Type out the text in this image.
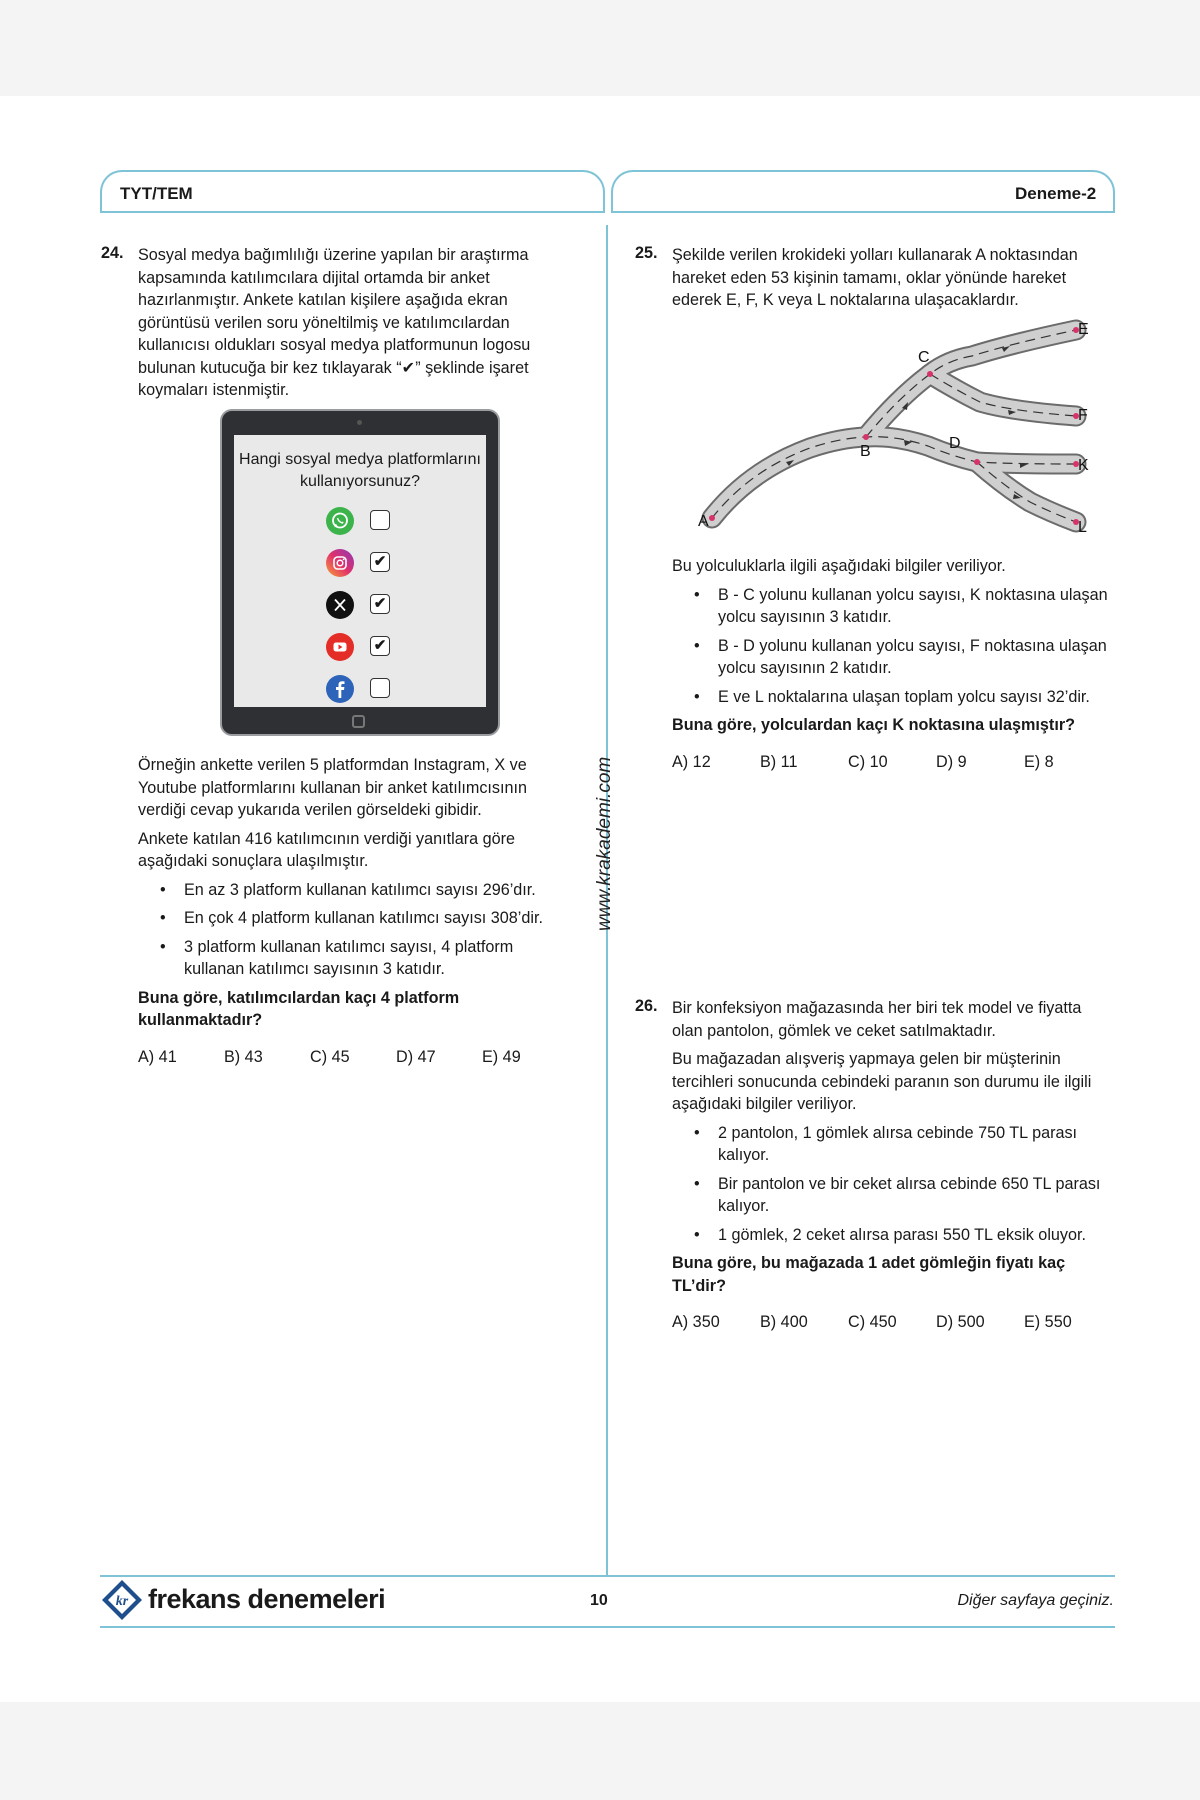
TYT/TEM	Deneme-2
www.krakademi.com
24. Sosyal medya bağımlılığı üzerine yapılan bir araştırma kapsamında katılımcılara dijital ortamda bir anket hazırlanmıştır. Ankete katılan kişilere aşağıda ekran görüntüsü verilen soru yöneltilmiş ve katılımcılardan kullanıcısı oldukları sosyal medya platformunun logosu bulunan kutucuğa bir kez tıklayarak “✔” şeklinde işaret koymaları istenmiştir.

Hangi sosyal medya platformlarını kullanıyorsunuz?
✔
✔
✔

Örneğin ankette verilen 5 platformdan Instagram, X ve Youtube platformlarını kullanan bir anket katılımcısının verdiği cevap yukarıda verilen görseldeki gibidir.

Ankete katılan 416 katılımcının verdiği yanıtlara göre aşağıdaki sonuçlara ulaşılmıştır.

• En az 3 platform kullanan katılımcı sayısı 296’dır.
• En çok 4 platform kullanan katılımcı sayısı 308’dir.
• 3 platform kullanan katılımcı sayısı, 4 platform kullanan katılımcı sayısının 3 katıdır.

Buna göre, katılımcılardan kaçı 4 platform kullanmaktadır?

A) 41	B) 43	C) 45	D) 47	E) 49
25. Şekilde verilen krokideki yolları kullanarak A noktasından hareket eden 53 kişinin tamamı, oklar yönünde hareket ederek E, F, K veya L noktalarına ulaşacaklardır.

A
B	D
C
E
F
K
L

Bu yolculuklarla ilgili aşağıdaki bilgiler veriliyor.

• B - C yolunu kullanan yolcu sayısı, K noktasına ulaşan yolcu sayısının 3 katıdır.
• B - D yolunu kullanan yolcu sayısı, F noktasına ulaşan yolcu sayısının 2 katıdır.
• E ve L noktalarına ulaşan toplam yolcu sayısı 32’dir.

Buna göre, yolculardan kaçı K noktasına ulaşmıştır?

A) 12	B) 11	C) 10	D) 9	E) 8
26. Bir konfeksiyon mağazasında her biri tek model ve fiyatta olan pantolon, gömlek ve ceket satılmaktadır.

Bu mağazadan alışveriş yapmaya gelen bir müşterinin tercihleri sonucunda cebindeki paranın son durumu ile ilgili aşağıdaki bilgiler veriliyor.

• 2 pantolon, 1 gömlek alırsa cebinde 750 TL parası kalıyor.
• Bir pantolon ve bir ceket alırsa cebinde 650 TL parası kalıyor.
• 1 gömlek, 2 ceket alırsa parası 550 TL eksik oluyor.

Buna göre, bu mağazada 1 adet gömleğin fiyatı kaç TL’dir?

A) 350	B) 400	C) 450	D) 500	E) 550
kr frekans denemeleri	10	Diğer sayfaya geçiniz.
